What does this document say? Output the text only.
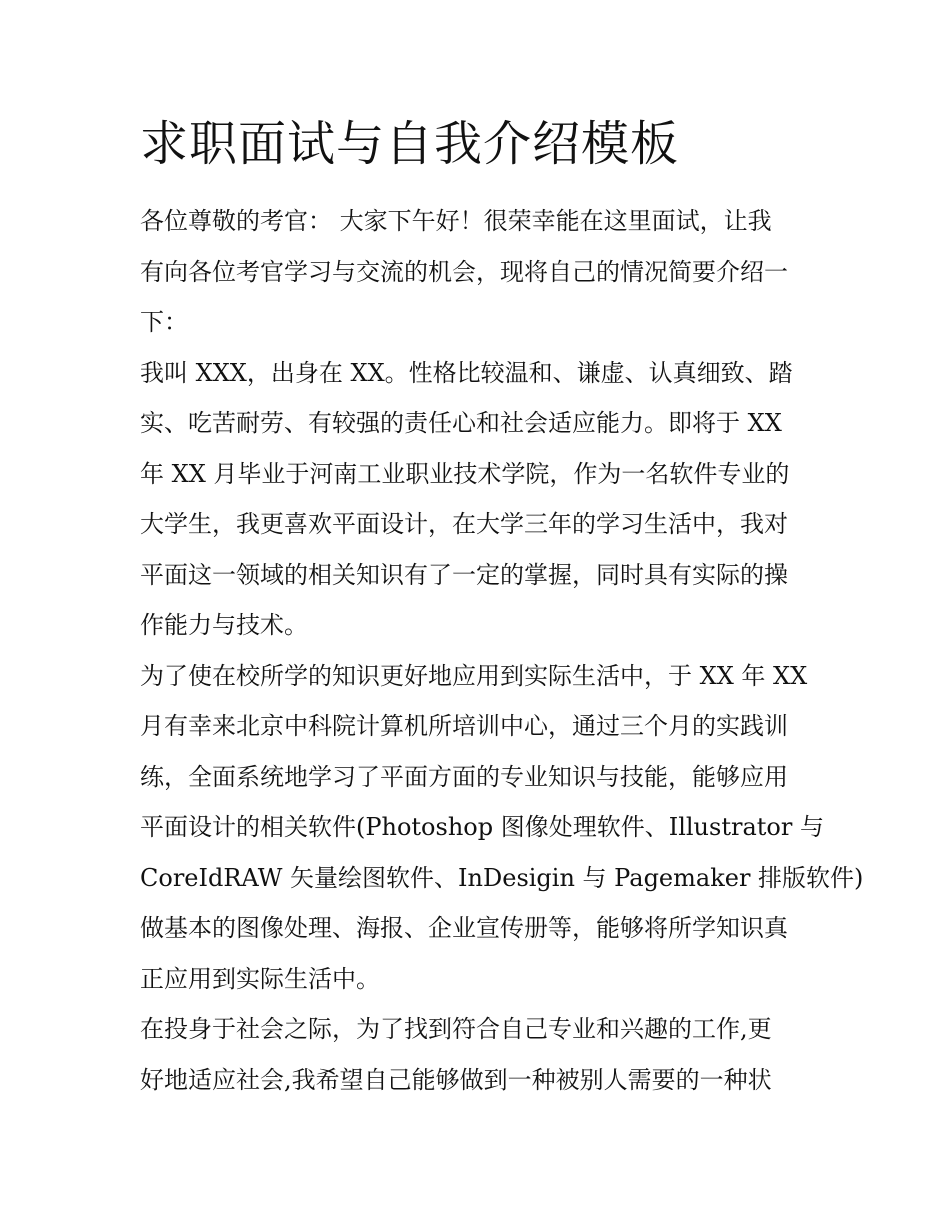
求职面试与自我介绍模板
各位尊敬的考官： 大家下午好！很荣幸能在这里面试，让我
有向各位考官学习与交流的机会，现将自己的情况简要介绍一
下：
我叫 XXX，出身在 XX。性格比较温和、谦虚、认真细致、踏
实、吃苦耐劳、有较强的责任心和社会适应能力。即将于 XX
年 XX 月毕业于河南工业职业技术学院，作为一名软件专业的
大学生，我更喜欢平面设计，在大学三年的学习生活中，我对
平面这一领域的相关知识有了一定的掌握，同时具有实际的操
作能力与技术。
为了使在校所学的知识更好地应用到实际生活中，于 XX 年 XX
月有幸来北京中科院计算机所培训中心，通过三个月的实践训
练，全面系统地学习了平面方面的专业知识与技能，能够应用
平面设计的相关软件(Photoshop 图像处理软件、Illustrator 与
CoreIdRAW 矢量绘图软件、InDesigin 与 Pagemaker 排版软件)
做基本的图像处理、海报、企业宣传册等，能够将所学知识真
正应用到实际生活中。
在投身于社会之际，为了找到符合自己专业和兴趣的工作,更
好地适应社会,我希望自己能够做到一种被别人需要的一种状
